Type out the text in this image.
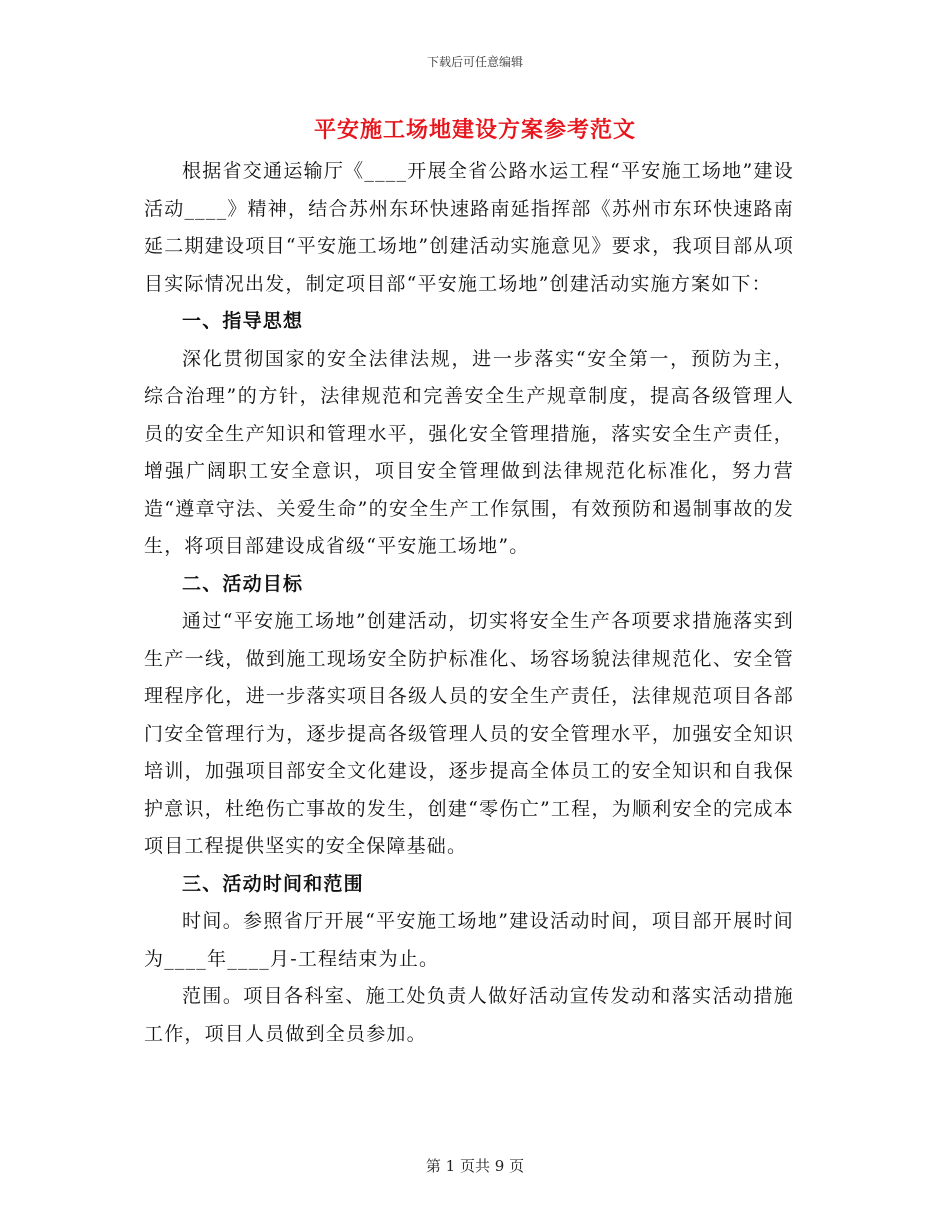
下载后可任意编辑
平安施工场地建设方案参考范文

根据省交通运输厅《____开展全省公路水运工程“平安施工场地”建设活动____》精神，结合苏州东环快速路南延指挥部《苏州市东环快速路南延二期建设项目“平安施工场地”创建活动实施意见》要求，我项目部从项目实际情况出发，制定项目部“平安施工场地”创建活动实施方案如下：

一、指导思想

深化贯彻国家的安全法律法规，进一步落实“安全第一，预防为主，综合治理”的方针，法律规范和完善安全生产规章制度，提高各级管理人员的安全生产知识和管理水平，强化安全管理措施，落实安全生产责任，增强广阔职工安全意识，项目安全管理做到法律规范化标准化，努力营造“遵章守法、关爱生命”的安全生产工作氛围，有效预防和遏制事故的发生，将项目部建设成省级“平安施工场地”。

二、活动目标

通过“平安施工场地”创建活动，切实将安全生产各项要求措施落实到生产一线，做到施工现场安全防护标准化、场容场貌法律规范化、安全管理程序化，进一步落实项目各级人员的安全生产责任，法律规范项目各部门安全管理行为，逐步提高各级管理人员的安全管理水平，加强安全知识培训，加强项目部安全文化建设，逐步提高全体员工的安全知识和自我保护意识，杜绝伤亡事故的发生，创建“零伤亡”工程，为顺利安全的完成本项目工程提供坚实的安全保障基础。

三、活动时间和范围

时间。参照省厅开展“平安施工场地”建设活动时间，项目部开展时间为____年____月-工程结束为止。

范围。项目各科室、施工处负责人做好活动宣传发动和落实活动措施工作，项目人员做到全员参加。

第 1 页共 9 页
